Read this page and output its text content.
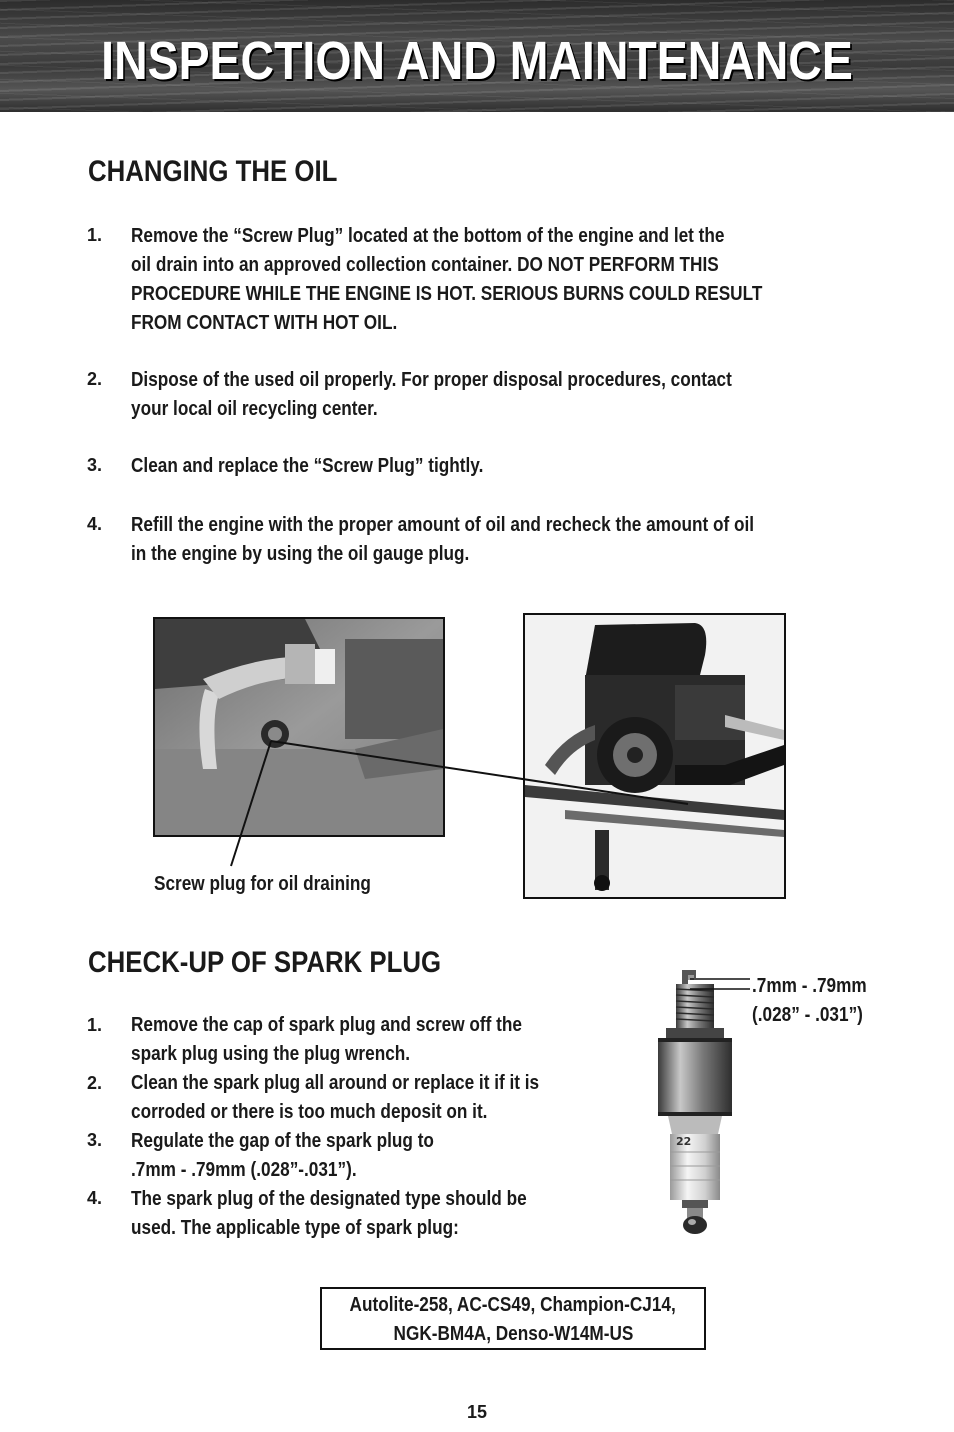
INSPECTION AND MAINTENANCE
CHANGING THE OIL
1. Remove the “Screw Plug” located at the bottom of the engine and let the
oil drain into an approved collection container. DO NOT PERFORM THIS
PROCEDURE WHILE THE ENGINE IS HOT. SERIOUS BURNS COULD RESULT
FROM CONTACT WITH HOT OIL.
2. Dispose of the used oil properly. For proper disposal procedures, contact
your local oil recycling center.
3. Clean and replace the “Screw Plug” tightly.
4. Refill the engine with the proper amount of oil and recheck the amount of oil
in the engine by using the oil gauge plug.
Screw plug for oil draining
CHECK-UP OF SPARK PLUG
1. Remove the cap of spark plug and screw off the
spark plug using the plug wrench.
2. Clean the spark plug all around or replace it if it is
corroded or there is too much deposit on it.
3. Regulate the gap of the spark plug to
.7mm - .79mm (.028”-.031”).
4. The spark plug of the designated type should be
used. The applicable type of spark plug:
22
.7mm - .79mm
(.028” - .031”)
Autolite-258, AC-CS49, Champion-CJ14,
NGK-BM4A, Denso-W14M-US
15
